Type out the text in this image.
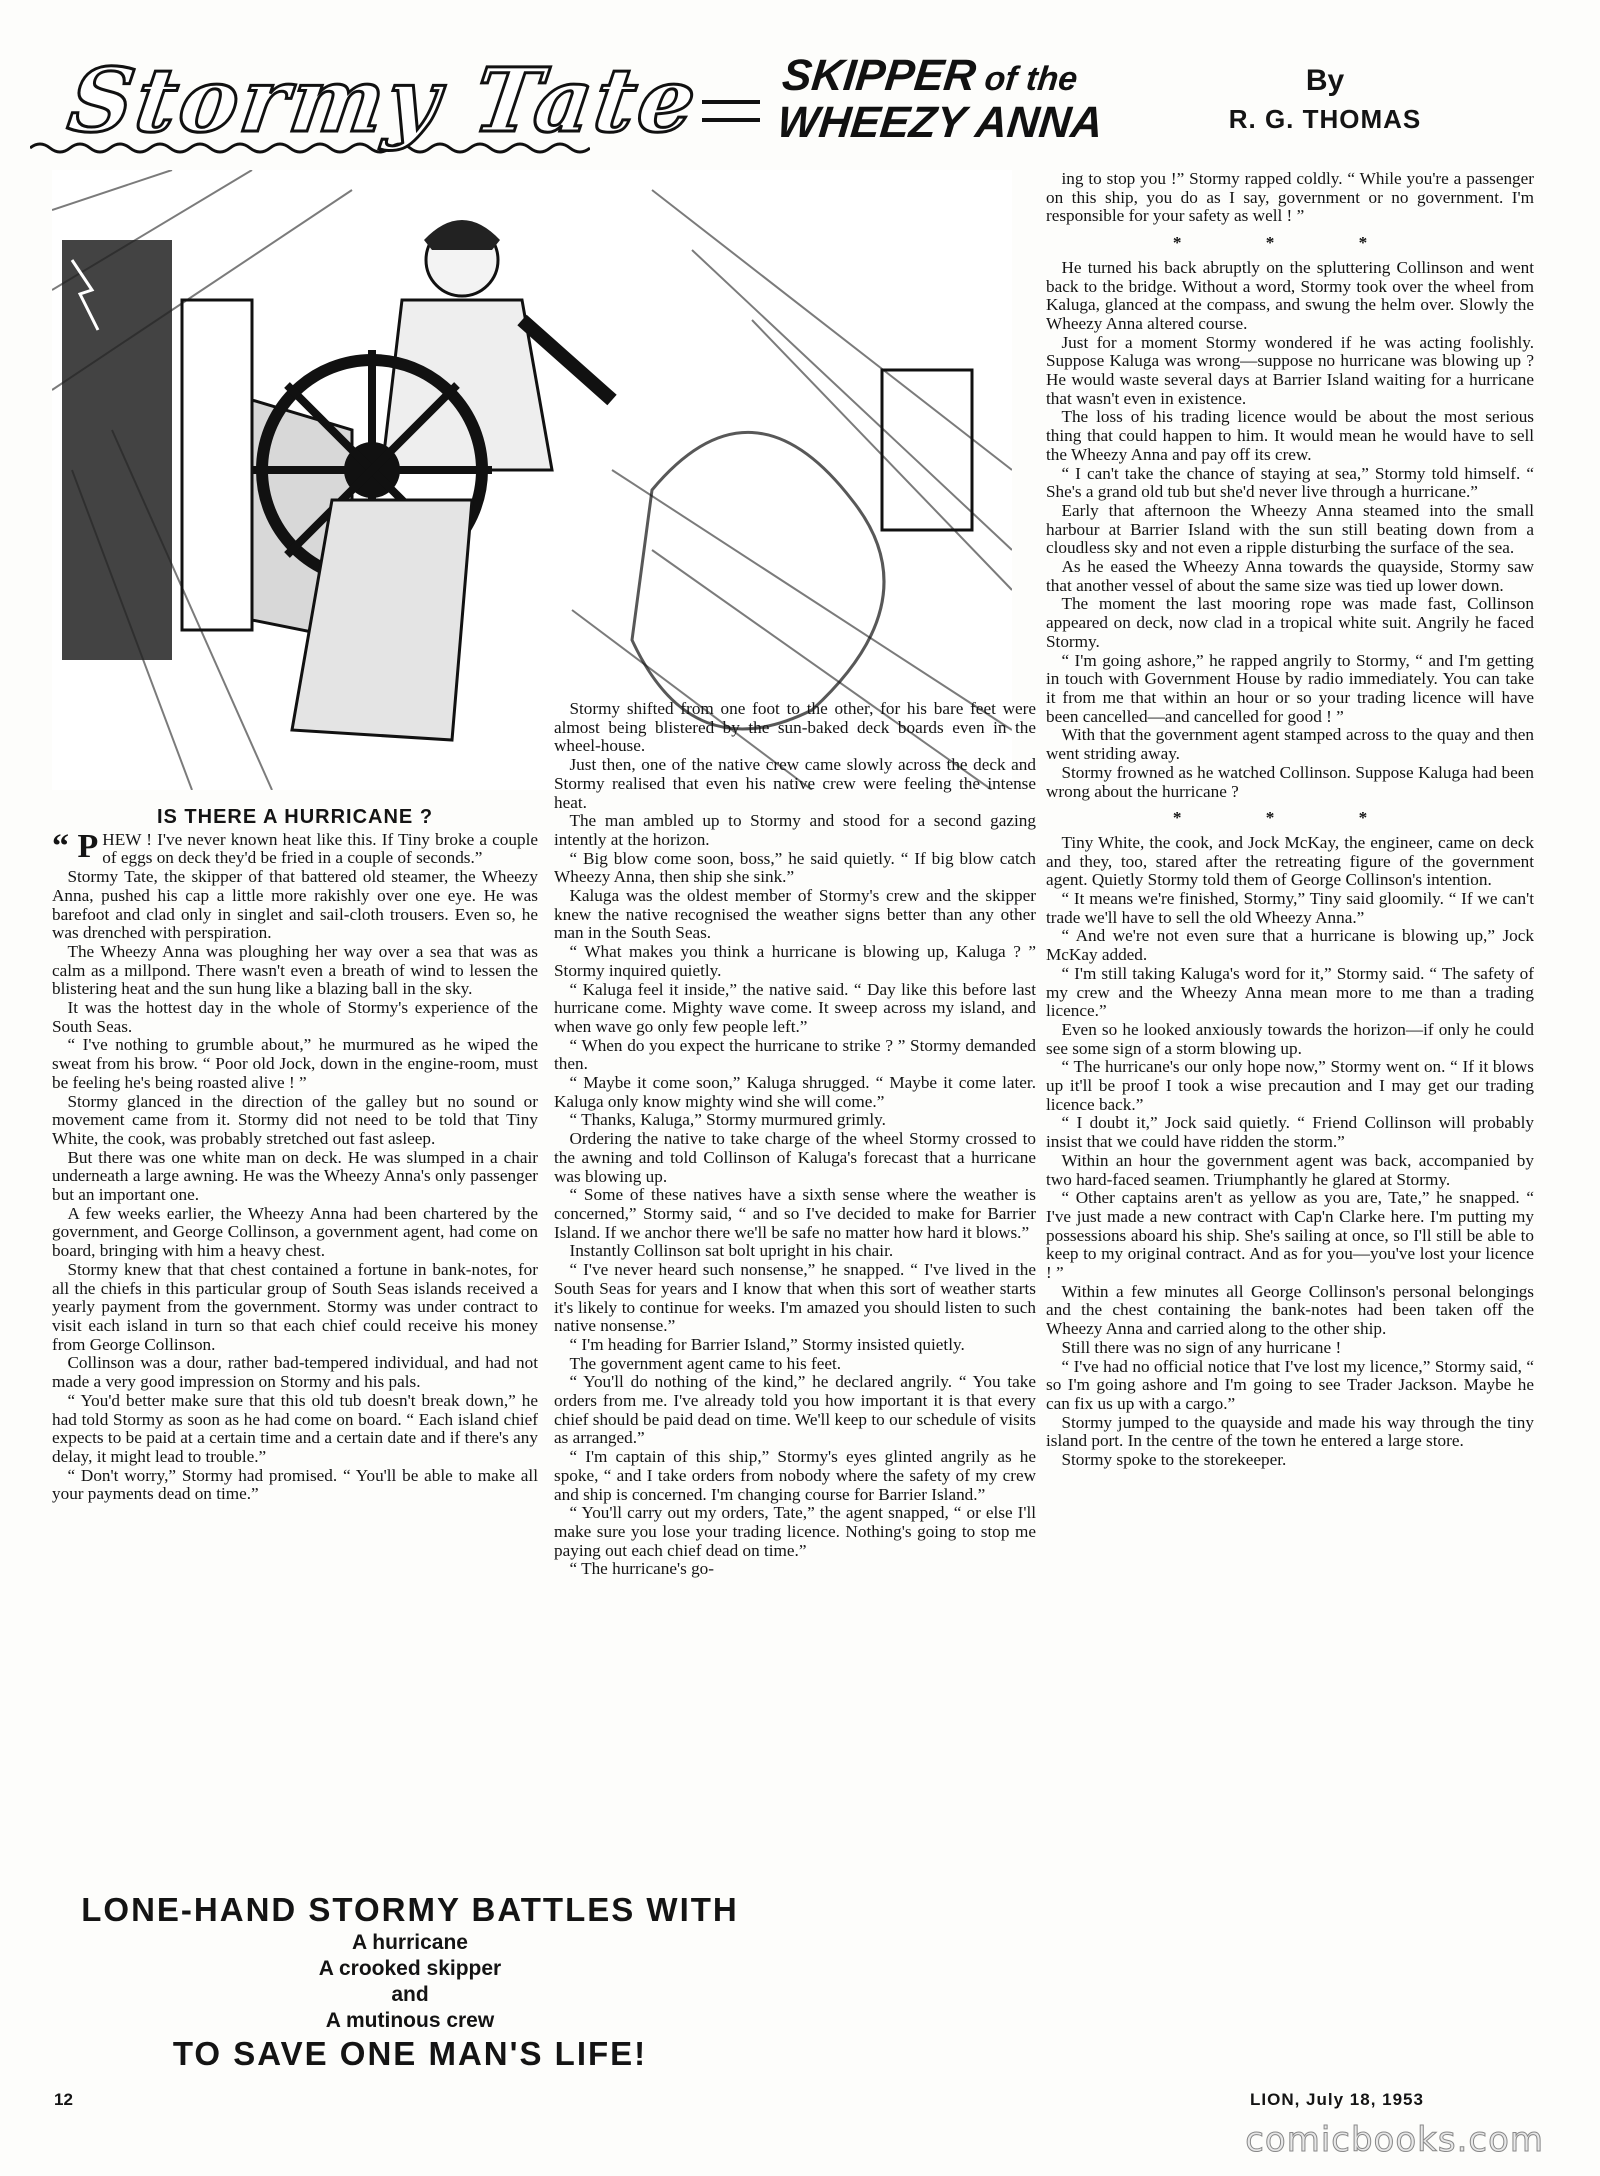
Stormy Tate SKIPPER of the
WHEEZY ANNA
By
R. G. THOMAS
IS THERE A HURRICANE ?

“ P HEW ! I've never known heat like this. If Tiny broke a couple of eggs on deck they'd be fried in a couple of seconds.”

Stormy Tate, the skipper of that battered old steamer, the Wheezy Anna, pushed his cap a little more rakishly over one eye. He was barefoot and clad only in singlet and sail-cloth trousers. Even so, he was drenched with perspiration.

The Wheezy Anna was ploughing her way over a sea that was as calm as a millpond. There wasn't even a breath of wind to lessen the blistering heat and the sun hung like a blazing ball in the sky.

It was the hottest day in the whole of Stormy's experience of the South Seas.

“ I've nothing to grumble about,” he murmured as he wiped the sweat from his brow. “ Poor old Jock, down in the engine-room, must be feeling he's being roasted alive ! ”

Stormy glanced in the direction of the galley but no sound or movement came from it. Stormy did not need to be told that Tiny White, the cook, was probably stretched out fast asleep.

But there was one white man on deck. He was slumped in a chair underneath a large awning. He was the Wheezy Anna's only passenger but an important one.

A few weeks earlier, the Wheezy Anna had been chartered by the government, and George Collinson, a government agent, had come on board, bringing with him a heavy chest.

Stormy knew that that chest contained a fortune in bank-notes, for all the chiefs in this particular group of South Seas islands received a yearly payment from the government. Stormy was under contract to visit each island in turn so that each chief could receive his money from George Collinson.

Collinson was a dour, rather bad-tempered individual, and had not made a very good impression on Stormy and his pals.

“ You'd better make sure that this old tub doesn't break down,” he had told Stormy as soon as he had come on board. “ Each island chief expects to be paid at a certain time and a certain date and if there's any delay, it might lead to trouble.”

“ Don't worry,” Stormy had promised. “ You'll be able to make all your payments dead on time.”

Stormy shifted from one foot to the other, for his bare feet were almost being blistered by the sun-baked deck boards even in the wheel-house.

Just then, one of the native crew came slowly across the deck and Stormy realised that even his native crew were feeling the intense heat.

The man ambled up to Stormy and stood for a second gazing intently at the horizon.

“ Big blow come soon, boss,” he said quietly. “ If big blow catch Wheezy Anna, then ship she sink.”

Kaluga was the oldest member of Stormy's crew and the skipper knew the native recognised the weather signs better than any other man in the South Seas.

“ What makes you think a hurricane is blowing up, Kaluga ? ” Stormy inquired quietly.

“ Kaluga feel it inside,” the native said. “ Day like this before last hurricane come. Mighty wave come. It sweep across my island, and when wave go only few people left.”

“ When do you expect the hurricane to strike ? ” Stormy demanded then.

“ Maybe it come soon,” Kaluga shrugged. “ Maybe it come later. Kaluga only know mighty wind she will come.”

“ Thanks, Kaluga,” Stormy murmured grimly.

Ordering the native to take charge of the wheel Stormy crossed to the awning and told Collinson of Kaluga's forecast that a hurricane was blowing up.

“ Some of these natives have a sixth sense where the weather is concerned,” Stormy said, “ and so I've decided to make for Barrier Island. If we anchor there we'll be safe no matter how hard it blows.”

Instantly Collinson sat bolt upright in his chair.

“ I've never heard such nonsense,” he snapped. “ I've lived in the South Seas for years and I know that when this sort of weather starts it's likely to continue for weeks. I'm amazed you should listen to such native nonsense.”

“ I'm heading for Barrier Island,” Stormy insisted quietly.

The government agent came to his feet.

“ You'll do nothing of the kind,” he declared angrily. “ You take orders from me. I've already told you how important it is that every chief should be paid dead on time. We'll keep to our schedule of visits as arranged.”

“ I'm captain of this ship,” Stormy's eyes glinted angrily as he spoke, “ and I take orders from nobody where the safety of my crew and ship is concerned. I'm changing course for Barrier Island.”

“ You'll carry out my orders, Tate,” the agent snapped, “ or else I'll make sure you lose your trading licence. Nothing's going to stop me paying out each chief dead on time.”

“ The hurricane's go-

ing to stop you !” Stormy rapped coldly. “ While you're a passenger on this ship, you do as I say, government or no government. I'm responsible for your safety as well ! ”

* * *

He turned his back abruptly on the spluttering Collinson and went back to the bridge. Without a word, Stormy took over the wheel from Kaluga, glanced at the compass, and swung the helm over. Slowly the Wheezy Anna altered course.

Just for a moment Stormy wondered if he was acting foolishly. Suppose Kaluga was wrong—suppose no hurricane was blowing up ? He would waste several days at Barrier Island waiting for a hurricane that wasn't even in existence.

The loss of his trading licence would be about the most serious thing that could happen to him. It would mean he would have to sell the Wheezy Anna and pay off its crew.

“ I can't take the chance of staying at sea,” Stormy told himself. “ She's a grand old tub but she'd never live through a hurricane.”

Early that afternoon the Wheezy Anna steamed into the small harbour at Barrier Island with the sun still beating down from a cloudless sky and not even a ripple disturbing the surface of the sea.

As he eased the Wheezy Anna towards the quayside, Stormy saw that another vessel of about the same size was tied up lower down.

The moment the last mooring rope was made fast, Collinson appeared on deck, now clad in a tropical white suit. Angrily he faced Stormy.

“ I'm going ashore,” he rapped angrily to Stormy, “ and I'm getting in touch with Government House by radio immediately. You can take it from me that within an hour or so your trading licence will have been cancelled—and cancelled for good ! ”

With that the government agent stamped across to the quay and then went striding away.

Stormy frowned as he watched Collinson. Suppose Kaluga had been wrong about the hurricane ?

* * *

Tiny White, the cook, and Jock McKay, the engineer, came on deck and they, too, stared after the retreating figure of the government agent. Quietly Stormy told them of George Collinson's intention.

“ It means we're finished, Stormy,” Tiny said gloomily. “ If we can't trade we'll have to sell the old Wheezy Anna.”

“ And we're not even sure that a hurricane is blowing up,” Jock McKay added.

“ I'm still taking Kaluga's word for it,” Stormy said. “ The safety of my crew and the Wheezy Anna mean more to me than a trading licence.”

Even so he looked anxiously towards the horizon—if only he could see some sign of a storm blowing up.

“ The hurricane's our only hope now,” Stormy went on. “ If it blows up it'll be proof I took a wise precaution and I may get our trading licence back.”

“ I doubt it,” Jock said quietly. “ Friend Collinson will probably insist that we could have ridden the storm.”

Within an hour the government agent was back, accompanied by two hard-faced seamen. Triumphantly he glared at Stormy.

“ Other captains aren't as yellow as you are, Tate,” he snapped. “ I've just made a new contract with Cap'n Clarke here. I'm putting my possessions aboard his ship. She's sailing at once, so I'll still be able to keep to my original contract. And as for you—you've lost your licence ! ”

Within a few minutes all George Collinson's personal belongings and the chest containing the bank-notes had been taken off the Wheezy Anna and carried along to the other ship.

Still there was no sign of any hurricane !

“ I've had no official notice that I've lost my licence,” Stormy said, “ so I'm going ashore and I'm going to see Trader Jackson. Maybe he can fix us up with a cargo.”

Stormy jumped to the quayside and made his way through the tiny island port. In the centre of the town he entered a large store.

Stormy spoke to the storekeeper.

LONE-HAND STORMY BATTLES WITH
A hurricane
A crooked skipper
and
A mutinous crew
TO SAVE ONE MAN'S LIFE!
12	LION, July 18, 1953
comicbooks.com
